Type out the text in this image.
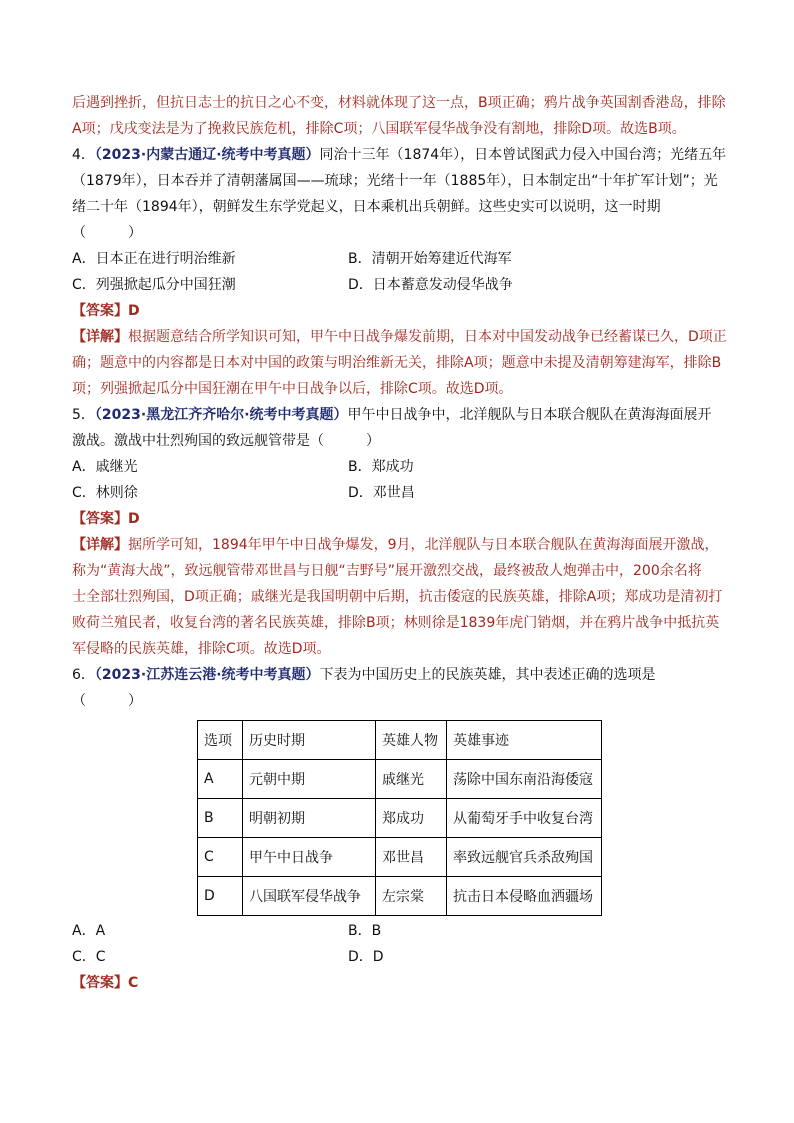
后遇到挫折，但抗日志士的抗日之心不变，材料就体现了这一点，B项正确；鸦片战争英国割香港岛，排除
A项；戊戌变法是为了挽救民族危机，排除C项；八国联军侵华战争没有割地，排除D项。故选B项。
4．（2023·内蒙古通辽·统考中考真题）同治十三年（1874年），日本曾试图武力侵入中国台湾；光绪五年
（1879年），日本吞并了清朝藩属国——琉球；光绪十一年（1885年），日本制定出“十年扩军计划”；光
绪二十年（1894年），朝鲜发生东学党起义，日本乘机出兵朝鲜。这些史实可以说明，这一时期
（　　　）
A．日本正在进行明治维新	B．清朝开始筹建近代海军
C．列强掀起瓜分中国狂潮	D．日本蓄意发动侵华战争
【答案】D
【详解】根据题意结合所学知识可知，甲午中日战争爆发前期，日本对中国发动战争已经蓄谋已久，D项正
确；题意中的内容都是日本对中国的政策与明治维新无关，排除A项；题意中未提及清朝筹建海军，排除B
项；列强掀起瓜分中国狂潮在甲午中日战争以后，排除C项。故选D项。
5．（2023·黑龙江齐齐哈尔·统考中考真题）甲午中日战争中，北洋舰队与日本联合舰队在黄海海面展开
激战。激战中壮烈殉国的致远舰管带是（　　　）
A．戚继光	B．郑成功
C．林则徐	D．邓世昌
【答案】D
【详解】据所学可知，1894年甲午中日战争爆发，9月，北洋舰队与日本联合舰队在黄海海面展开激战，
称为“黄海大战”，致远舰管带邓世昌与日舰“吉野号”展开激烈交战，最终被敌人炮弹击中，200余名将
士全部壮烈殉国，D项正确；戚继光是我国明朝中后期，抗击倭寇的民族英雄，排除A项；郑成功是清初打
败荷兰殖民者，收复台湾的著名民族英雄，排除B项；林则徐是1839年虎门销烟，并在鸦片战争中抵抗英
军侵略的民族英雄，排除C项。故选D项。
6．（2023·江苏连云港·统考中考真题）下表为中国历史上的民族英雄，其中表述正确的选项是
（　　　）
选项	历史时期	英雄人物	英雄事迹
A	元朝中期	戚继光	荡除中国东南沿海倭寇
B	明朝初期	郑成功	从葡萄牙手中收复台湾
C	甲午中日战争	邓世昌	率致远舰官兵杀敌殉国
D	八国联军侵华战争	左宗棠	抗击日本侵略血洒疆场
A．A	B．B
C．C	D．D
【答案】C
